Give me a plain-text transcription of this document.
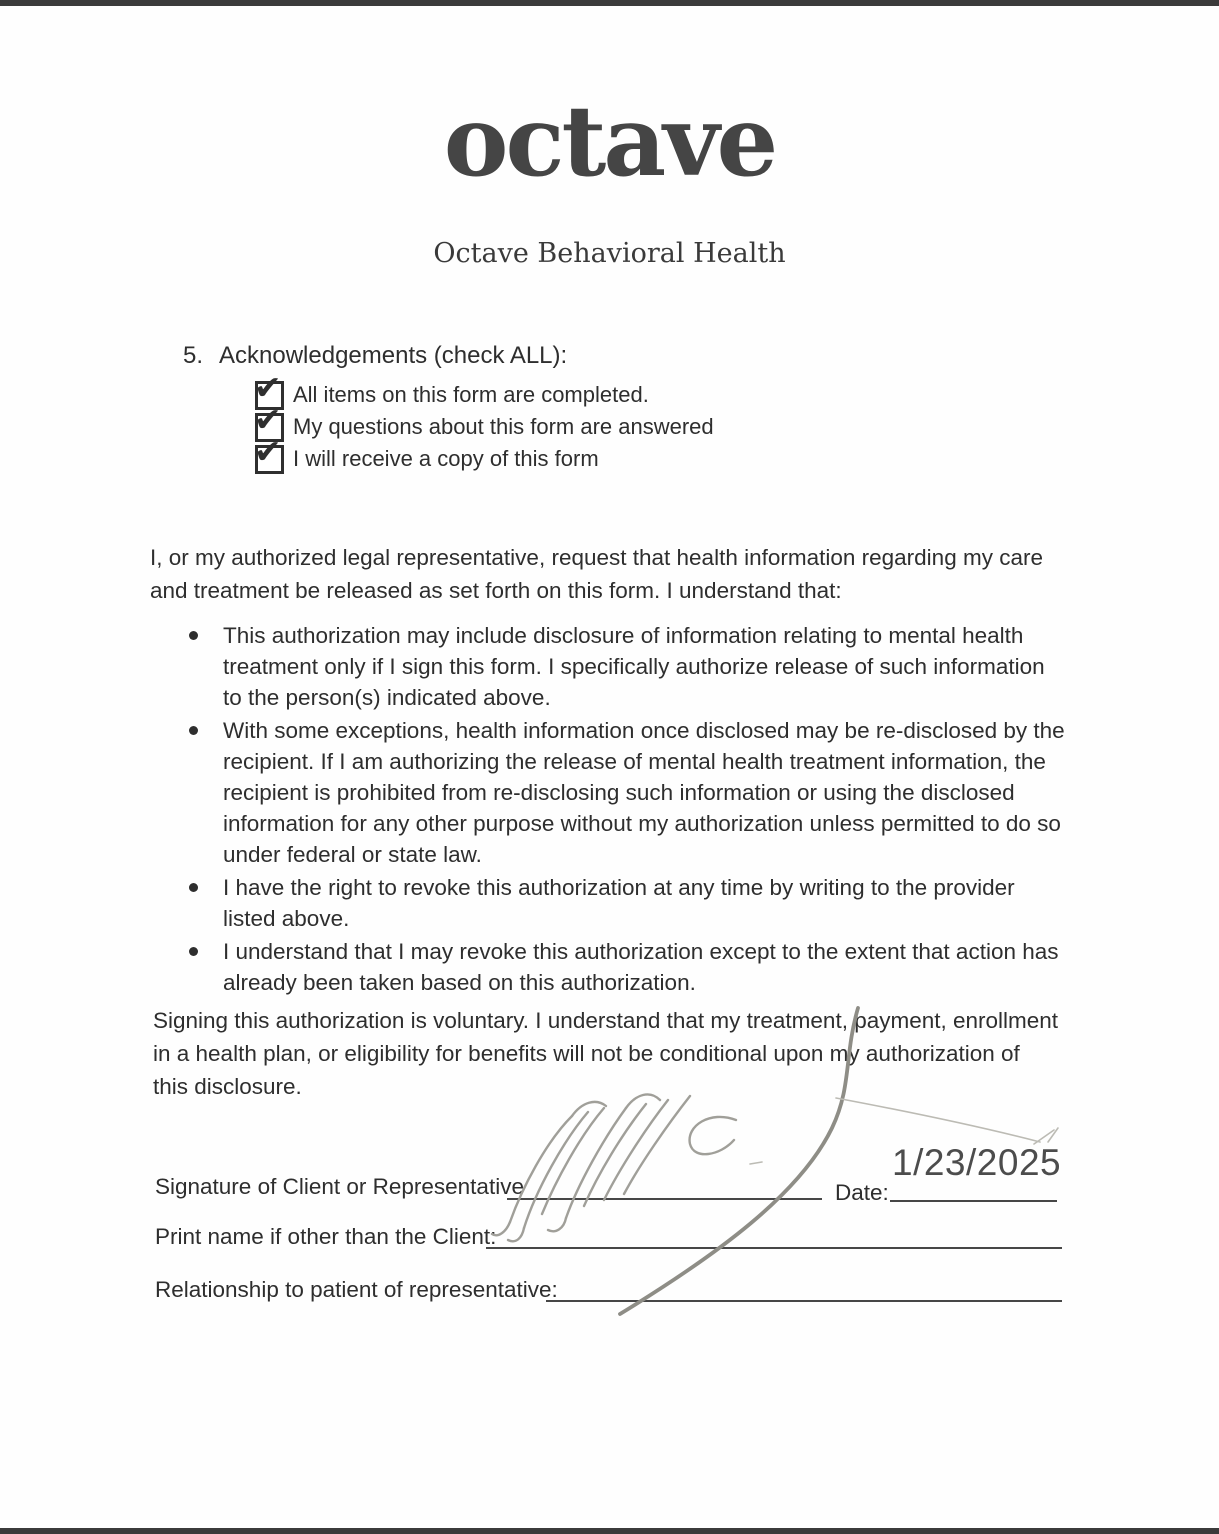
octave
Octave Behavioral Health
5. Acknowledgements (check ALL):
✔ All items on this form are completed.
✔ My questions about this form are answered
✔ I will receive a copy of this form
I, or my authorized legal representative, request that health information regarding my care and treatment be released as set forth on this form. I understand that:
This authorization may include disclosure of information relating to mental health treatment only if I sign this form. I specifically authorize release of such information to the person(s) indicated above.
With some exceptions, health information once disclosed may be re-disclosed by the recipient. If I am authorizing the release of mental health treatment information, the recipient is prohibited from re-disclosing such information or using the disclosed information for any other purpose without my authorization unless permitted to do so under federal or state law.
I have the right to revoke this authorization at any time by writing to the provider listed above.
I understand that I may revoke this authorization except to the extent that action has already been taken based on this authorization.
Signing this authorization is voluntary. I understand that my treatment, payment, enrollment in a health plan, or eligibility for benefits will not be conditional upon my authorization of this disclosure.
Signature of Client or Representative	Date:
1/23/2025
Print name if other than the Client:
Relationship to patient of representative:
